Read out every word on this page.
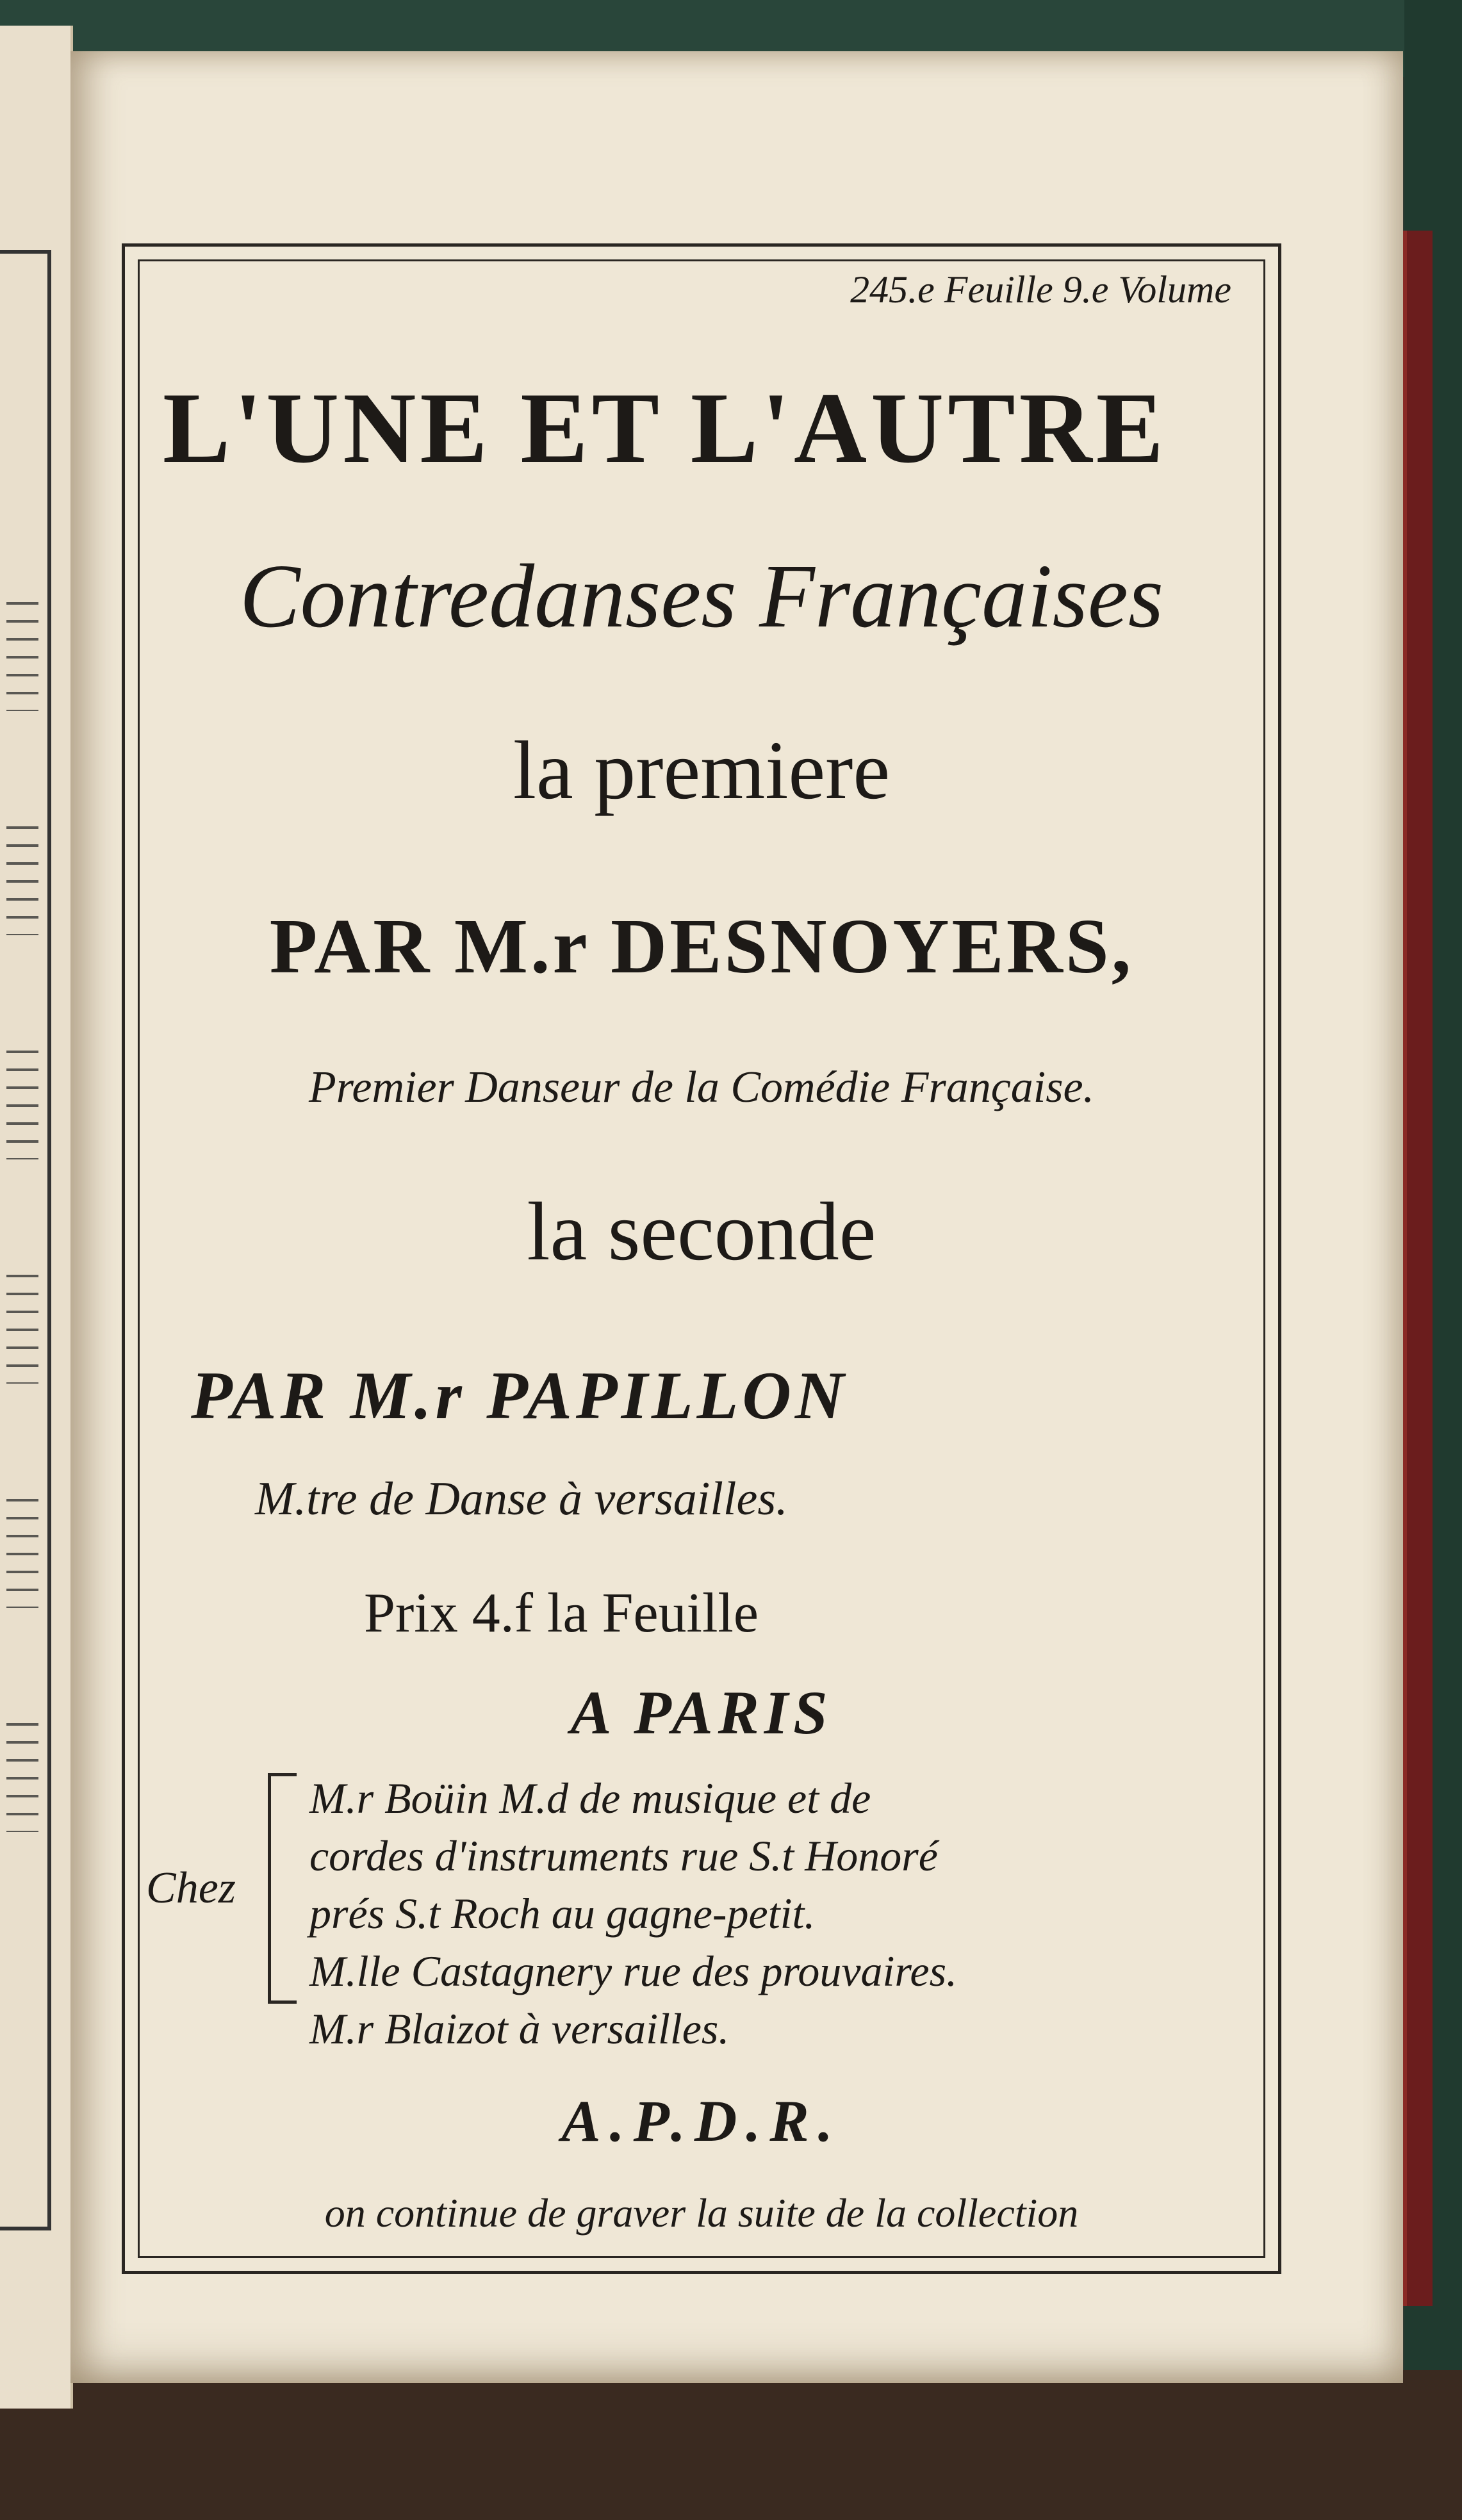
245.e Feuille 9.e Volume
L'UNE ET L'AUTRE
Contredanses Françaises
la premiere
PAR M.r DESNOYERS,
Premier Danseur de la Comédie Française.
la seconde
PAR M.r PAPILLON
M.tre de Danse à versailles.
Prix 4.f la Feuille
A PARIS
Chez
M.r Boüin M.d de musique et de
cordes d'instruments rue S.t Honoré
prés S.t Roch au gagne-petit.
M.lle Castagnery rue des prouvaires.
M.r Blaizot à versailles.
A.P.D.R.
on continue de graver la suite de la collection
